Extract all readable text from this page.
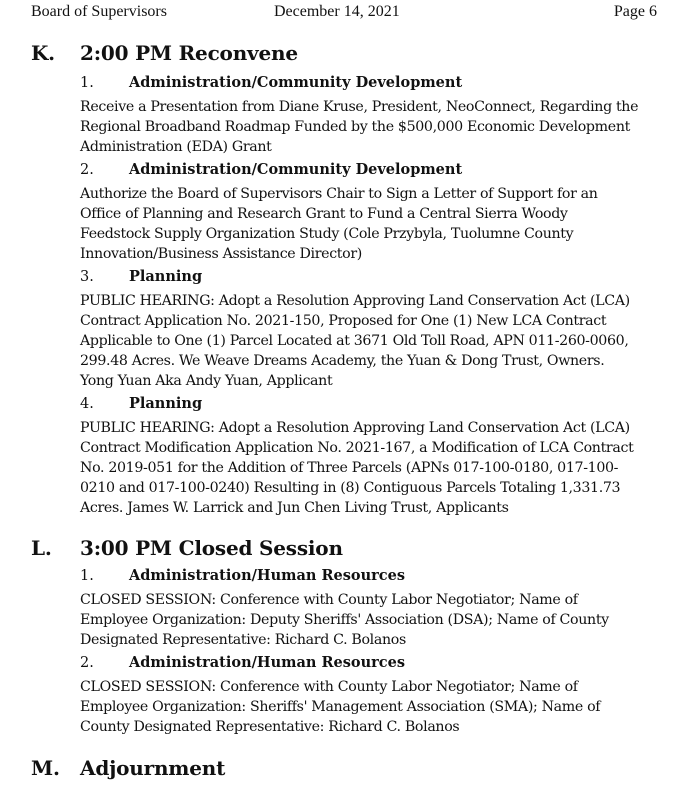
Board of Supervisors	December 14, 2021	Page 6
K. 2:00 PM Reconvene
1. Administration/Community Development
Receive a Presentation from Diane Kruse, President, NeoConnect, Regarding the
Regional Broadband Roadmap Funded by the $500,000 Economic Development
Administration (EDA) Grant
2. Administration/Community Development
Authorize the Board of Supervisors Chair to Sign a Letter of Support for an
Office of Planning and Research Grant to Fund a Central Sierra Woody
Feedstock Supply Organization Study (Cole Przybyla, Tuolumne County
Innovation/Business Assistance Director)
3. Planning
PUBLIC HEARING: Adopt a Resolution Approving Land Conservation Act (LCA)
Contract Application No. 2021-150, Proposed for One (1) New LCA Contract
Applicable to One (1) Parcel Located at 3671 Old Toll Road, APN 011-260-0060,
299.48 Acres. We Weave Dreams Academy, the Yuan & Dong Trust, Owners.
Yong Yuan Aka Andy Yuan, Applicant
4. Planning
PUBLIC HEARING: Adopt a Resolution Approving Land Conservation Act (LCA)
Contract Modification Application No. 2021-167, a Modification of LCA Contract
No. 2019-051 for the Addition of Three Parcels (APNs 017-100-0180, 017-100-
0210 and 017-100-0240) Resulting in (8) Contiguous Parcels Totaling 1,331.73
Acres. James W. Larrick and Jun Chen Living Trust, Applicants
L. 3:00 PM Closed Session
1. Administration/Human Resources
CLOSED SESSION: Conference with County Labor Negotiator; Name of
Employee Organization: Deputy Sheriffs' Association (DSA); Name of County
Designated Representative: Richard C. Bolanos
2. Administration/Human Resources
CLOSED SESSION: Conference with County Labor Negotiator; Name of
Employee Organization: Sheriffs' Management Association (SMA); Name of
County Designated Representative: Richard C. Bolanos
M. Adjournment
